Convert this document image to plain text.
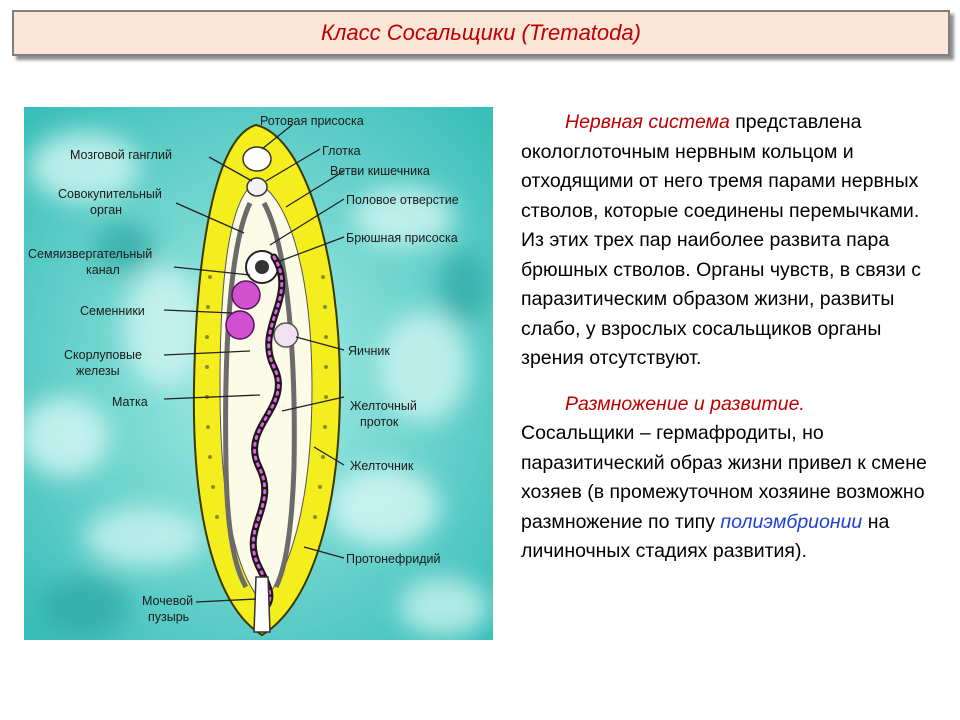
Класс Сосальщики (Trematoda)
Ротовая присоска
Мозговой ганглий	Глотка
Ветви кишечника
Совокупительный
орган
Половое отверстие
Брюшная присоска
Семяизвергательный
канал
Семенники
Яичник
Скорлуповые
железы
Матка	Желточный
проток
Желточник
Протонефридий
Мочевой
пузырь

Нервная система представлена окологлоточным нервным кольцом и отходящими от него тремя парами нервных стволов, которые соединены перемычками. Из этих трех пар наиболее развита пара брюшных стволов. Органы чувств, в связи с паразитическим образом жизни, развиты слабо, у взрослых сосальщиков органы зрения отсутствуют.

Размножение и развитие.

Сосальщики – гермафродиты, но паразитический образ жизни привел к смене хозяев (в промежуточном хозяине возможно размножение по типу полиэмбрионии на личиночных стадиях развития).
